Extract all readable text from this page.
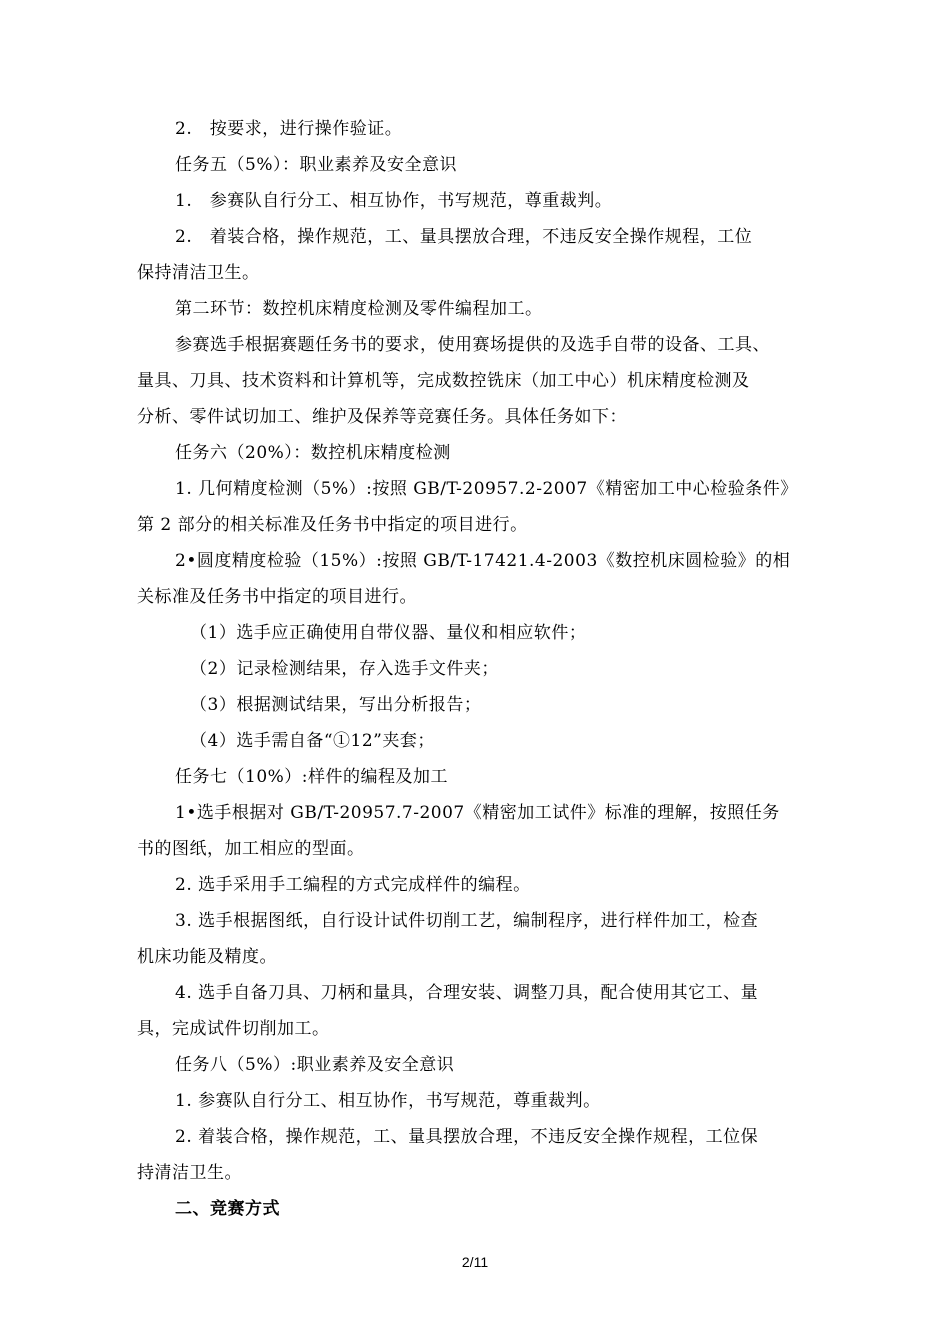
2.　按要求，进行操作验证。
任务五（5%）：职业素养及安全意识
1.　参赛队自行分工、相互协作，书写规范，尊重裁判。
2.　着装合格，操作规范，工、量具摆放合理，不违反安全操作规程，工位
保持清洁卫生。
第二环节：数控机床精度检测及零件编程加工。
参赛选手根据赛题任务书的要求，使用赛场提供的及选手自带的设备、工具、
量具、刀具、技术资料和计算机等，完成数控铣床（加工中心）机床精度检测及
分析、零件试切加工、维护及保养等竞赛任务。具体任务如下：
任务六（20%）：数控机床精度检测
1. 几何精度检测（5%）:按照 GB/T-20957.2-2007《精密加工中心检验条件》
第 2 部分的相关标准及任务书中指定的项目进行。
2•圆度精度检验（15%）:按照 GB/T-17421.4-2003《数控机床圆检验》的相
关标准及任务书中指定的项目进行。
（1）选手应正确使用自带仪器、量仪和相应软件；
（2）记录检测结果，存入选手文件夹；
（3）根据测试结果，写出分析报告；
（4）选手需自备“①12”夹套；
任务七（10%）:样件的编程及加工
1•选手根据对 GB/T-20957.7-2007《精密加工试件》标准的理解，按照任务
书的图纸，加工相应的型面。
2. 选手采用手工编程的方式完成样件的编程。
3. 选手根据图纸，自行设计试件切削工艺，编制程序，进行样件加工，检查
机床功能及精度。
4. 选手自备刀具、刀柄和量具，合理安装、调整刀具，配合使用其它工、量
具，完成试件切削加工。
任务八（5%）:职业素养及安全意识
1. 参赛队自行分工、相互协作，书写规范，尊重裁判。
2. 着装合格，操作规范，工、量具摆放合理，不违反安全操作规程，工位保
持清洁卫生。
二、竞赛方式
2/11
